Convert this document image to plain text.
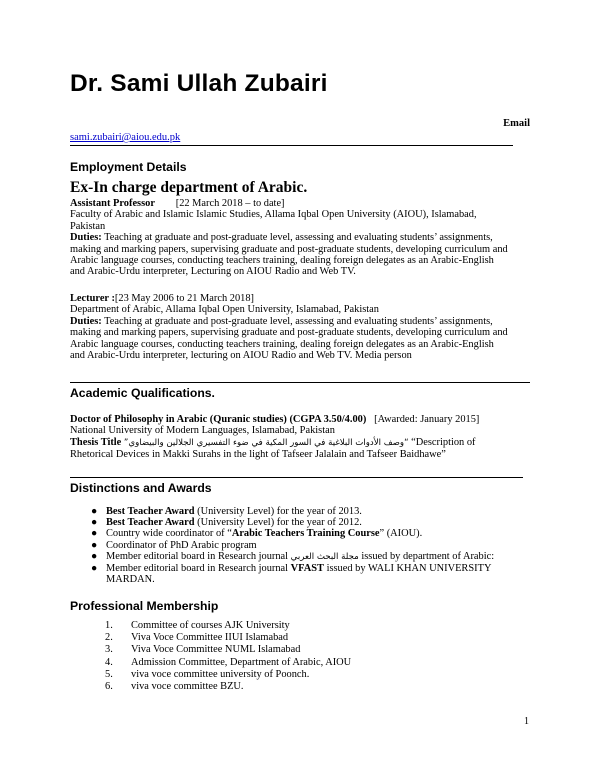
Dr. Sami Ullah Zubairi
Email
sami.zubairi@aiou.edu.pk
Employment Details
Ex-In charge department of Arabic.
Assistant Professor [22 March 2018 – to date]
Faculty of Arabic and Islamic Islamic Studies, Allama Iqbal Open University (AIOU), Islamabad,
Pakistan
Duties: Teaching at graduate and post-graduate level, assessing and evaluating students’ assignments,
making and marking papers, supervising graduate and post-graduate students, developing curriculum and
Arabic language courses, conducting teachers training, dealing foreign delegates as an Arabic-English
and Arabic-Urdu interpreter, Lecturing on AIOU Radio and Web TV.
Lecturer :[23 May 2006 to 21 March 2018]
Department of Arabic, Allama Iqbal Open University, Islamabad, Pakistan
Duties: Teaching at graduate and post-graduate level, assessing and evaluating students’ assignments,
making and marking papers, supervising graduate and post-graduate students, developing curriculum and
Arabic language courses, conducting teachers training, dealing foreign delegates as an Arabic-English
and Arabic-Urdu interpreter, lecturing on AIOU Radio and Web TV. Media person
Academic Qualifications.
Doctor of Philosophy in Arabic (Quranic studies) (CGPA 3.50/4.00) [Awarded: January 2015]
National University of Modern Languages, Islamabad, Pakistan
Thesis Title “وصف الأدوات البلاغية في السور المكية في ضوء التفسيري الجلالين والبيضاوي” “Description of
Rhetorical Devices in Makki Surahs in the light of Tafseer Jalalain and Tafseer Baidhawe”
Distinctions and Awards
● Best Teacher Award (University Level) for the year of 2013.
● Best Teacher Award (University Level) for the year of 2012.
● Country wide coordinator of “Arabic Teachers Training Course” (AIOU).
● Coordinator of PhD Arabic program
● Member editorial board in Research journal مجلة البحث العربي issued by department of Arabic:
● Member editorial board in Research journal VFAST issued by WALI KHAN UNIVERSITY
MARDAN.
Professional Membership
1. Committee of courses AJK University
2. Viva Voce Committee IIUI Islamabad
3. Viva Voce Committee NUML Islamabad
4. Admission Committee, Department of Arabic, AIOU
5. viva voce committee university of Poonch.
6. viva voce committee BZU.
1
